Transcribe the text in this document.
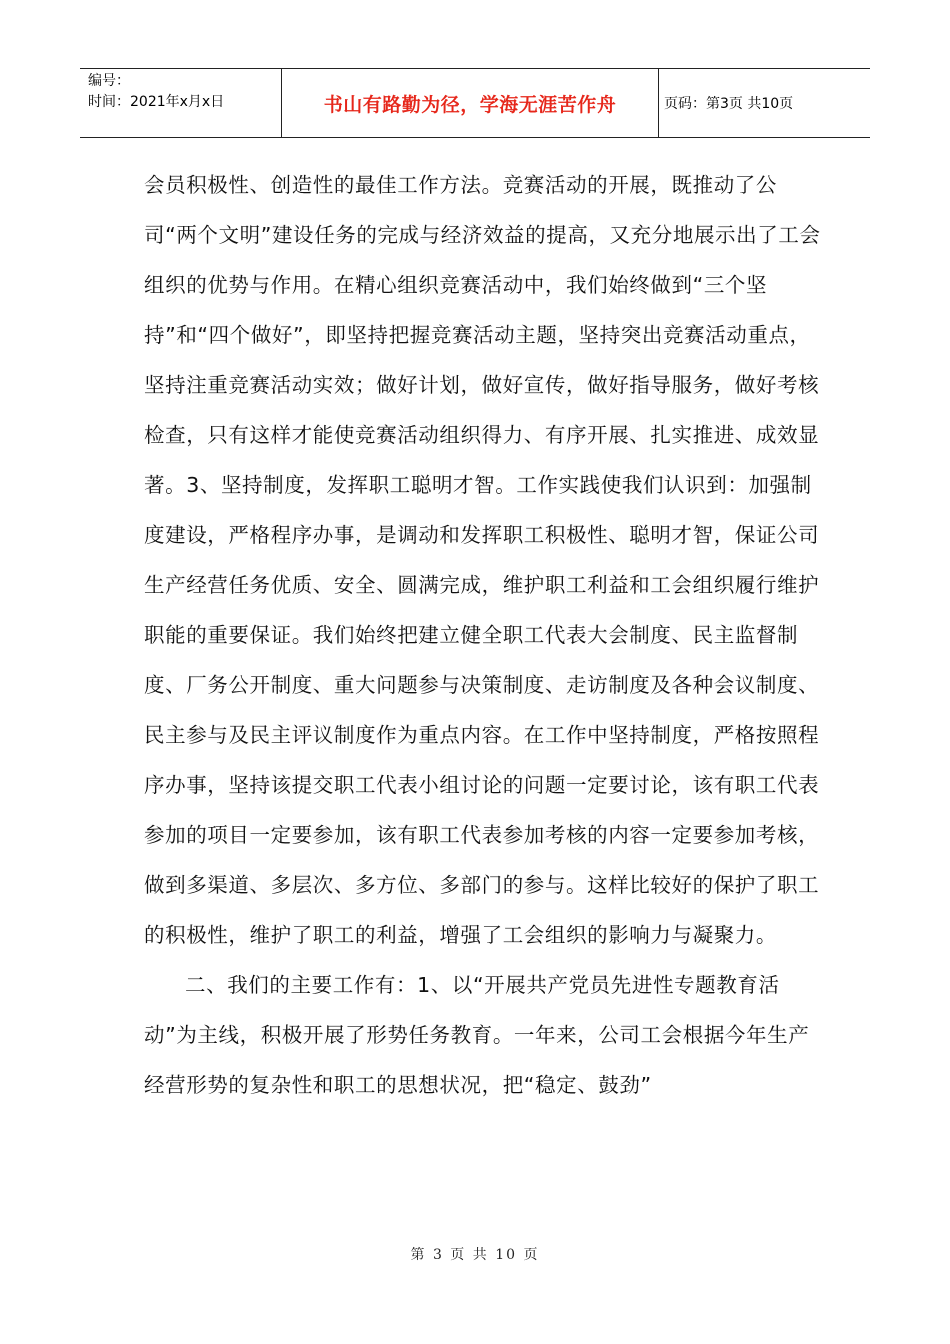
编号：
时间：2021年x月x日	书山有路勤为径，学海无涯苦作舟	页码：第3页 共10页

会员积极性、创造性的最佳工作方法。竞赛活动的开展，既推动了公司“两个文明”建设任务的完成与经济效益的提高，又充分地展示出了工会组织的优势与作用。在精心组织竞赛活动中，我们始终做到“三个坚持”和“四个做好”，即坚持把握竞赛活动主题，坚持突出竞赛活动重点，坚持注重竞赛活动实效；做好计划，做好宣传，做好指导服务，做好考核检查，只有这样才能使竞赛活动组织得力、有序开展、扎实推进、成效显著。3、坚持制度，发挥职工聪明才智。工作实践使我们认识到：加强制度建设，严格程序办事，是调动和发挥职工积极性、聪明才智，保证公司生产经营任务优质、安全、圆满完成，维护职工利益和工会组织履行维护职能的重要保证。我们始终把建立健全职工代表大会制度、民主监督制度、厂务公开制度、重大问题参与决策制度、走访制度及各种会议制度、民主参与及民主评议制度作为重点内容。在工作中坚持制度，严格按照程序办事，坚持该提交职工代表小组讨论的问题一定要讨论，该有职工代表参加的项目一定要参加，该有职工代表参加考核的内容一定要参加考核，做到多渠道、多层次、多方位、多部门的参与。这样比较好的保护了职工的积极性，维护了职工的利益，增强了工会组织的影响力与凝聚力。

二、我们的主要工作有：1、以“开展共产党员先进性专题教育活动”为主线，积极开展了形势任务教育。一年来，公司工会根据今年生产经营形势的复杂性和职工的思想状况，把“稳定、鼓劲”

第 3 页 共 10 页
